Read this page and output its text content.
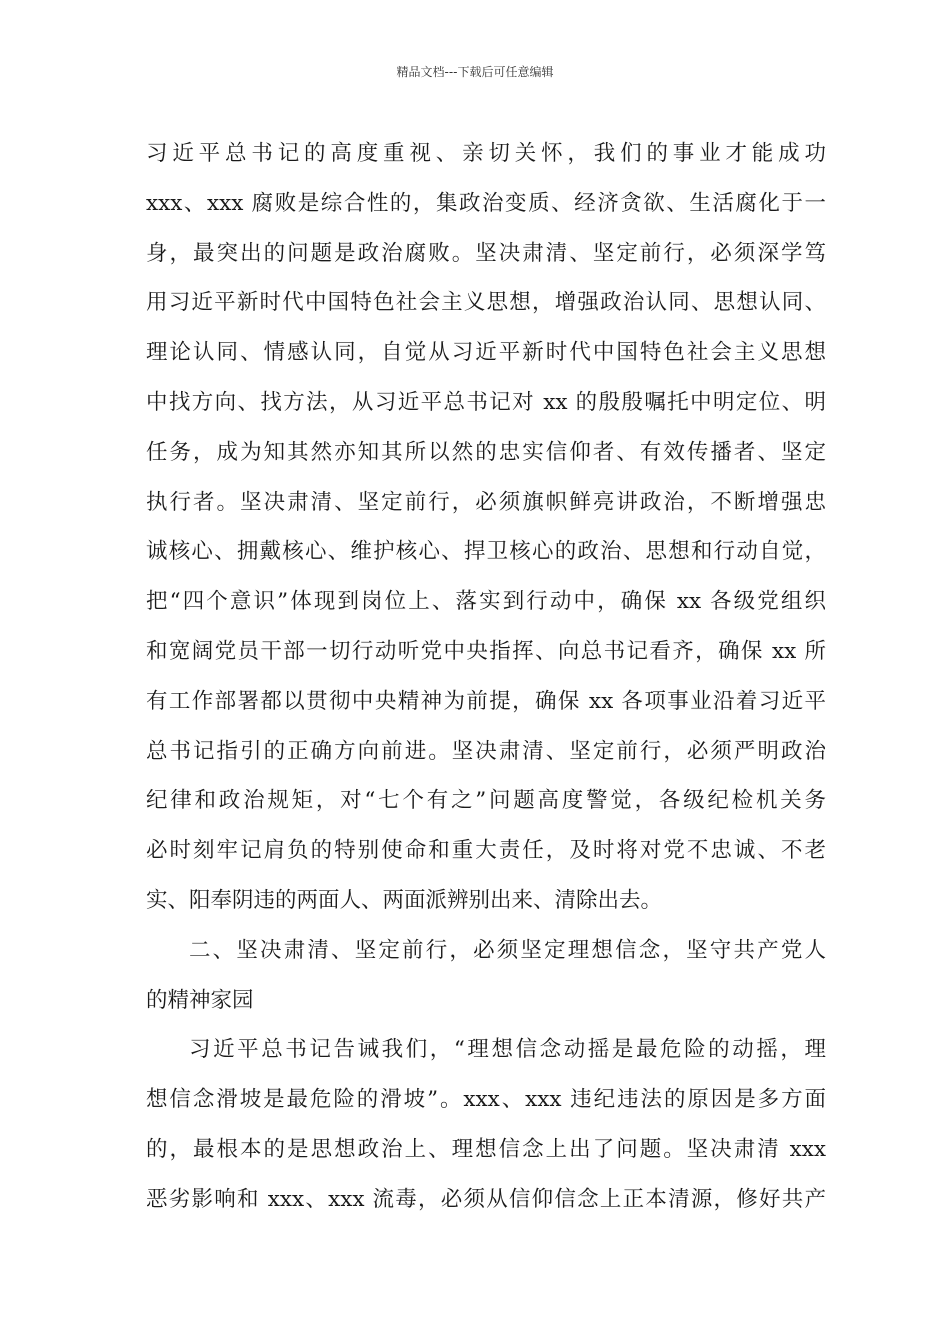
精品文档---下载后可任意编辑
习近平总书记的高度重视、亲切关怀，我们的事业才能成功
xxx、xxx 腐败是综合性的，集政治变质、经济贪欲、生活腐化于一
身，最突出的问题是政治腐败。坚决肃清、坚定前行，必须深学笃
用习近平新时代中国特色社会主义思想，增强政治认同、思想认同、
理论认同、情感认同，自觉从习近平新时代中国特色社会主义思想
中找方向、找方法，从习近平总书记对 xx 的殷殷嘱托中明定位、明
任务，成为知其然亦知其所以然的忠实信仰者、有效传播者、坚定
执行者。坚决肃清、坚定前行，必须旗帜鲜亮讲政治，不断增强忠
诚核心、拥戴核心、维护核心、捍卫核心的政治、思想和行动自觉，
把“四个意识”体现到岗位上、落实到行动中，确保 xx 各级党组织
和宽阔党员干部一切行动听党中央指挥、向总书记看齐，确保 xx 所
有工作部署都以贯彻中央精神为前提，确保 xx 各项事业沿着习近平
总书记指引的正确方向前进。坚决肃清、坚定前行，必须严明政治
纪律和政治规矩，对“七个有之”问题高度警觉，各级纪检机关务
必时刻牢记肩负的特别使命和重大责任，及时将对党不忠诚、不老
实、阳奉阴违的两面人、两面派辨别出来、清除出去。
二、坚决肃清、坚定前行，必须坚定理想信念，坚守共产党人
的精神家园
习近平总书记告诫我们，“理想信念动摇是最危险的动摇，理
想信念滑坡是最危险的滑坡”。xxx、xxx 违纪违法的原因是多方面
的，最根本的是思想政治上、理想信念上出了问题。坚决肃清 xxx
恶劣影响和 xxx、xxx 流毒，必须从信仰信念上正本清源，修好共产
